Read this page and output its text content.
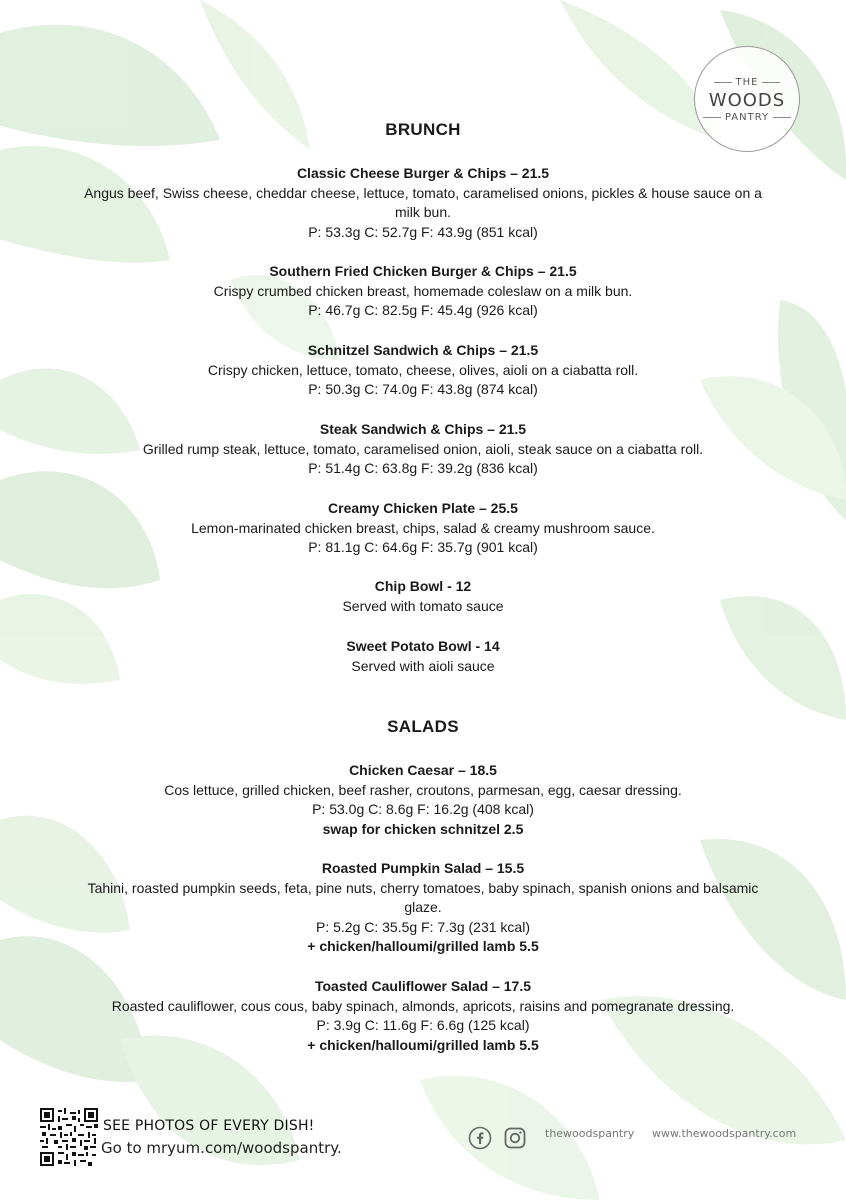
THE
WOODS
PANTRY
BRUNCH
Classic Cheese Burger & Chips – 21.5
Angus beef, Swiss cheese, cheddar cheese, lettuce, tomato, caramelised onions, pickles & house sauce on a milk bun.
P: 53.3g C: 52.7g F: 43.9g (851 kcal)
Southern Fried Chicken Burger & Chips – 21.5
Crispy crumbed chicken breast, homemade coleslaw on a milk bun.
P: 46.7g C: 82.5g F: 45.4g (926 kcal)
Schnitzel Sandwich & Chips – 21.5
Crispy chicken, lettuce, tomato, cheese, olives, aioli on a ciabatta roll.
P: 50.3g C: 74.0g F: 43.8g (874 kcal)
Steak Sandwich & Chips – 21.5
Grilled rump steak, lettuce, tomato, caramelised onion, aioli, steak sauce on a ciabatta roll.
P: 51.4g C: 63.8g F: 39.2g (836 kcal)
Creamy Chicken Plate – 25.5
Lemon-marinated chicken breast, chips, salad & creamy mushroom sauce.
P: 81.1g C: 64.6g F: 35.7g (901 kcal)
Chip Bowl - 12
Served with tomato sauce
Sweet Potato Bowl - 14
Served with aioli sauce
SALADS
Chicken Caesar – 18.5
Cos lettuce, grilled chicken, beef rasher, croutons, parmesan, egg, caesar dressing.
P: 53.0g C: 8.6g F: 16.2g (408 kcal)
swap for chicken schnitzel 2.5
Roasted Pumpkin Salad – 15.5
Tahini, roasted pumpkin seeds, feta, pine nuts, cherry tomatoes, baby spinach, spanish onions and balsamic glaze.
P: 5.2g C: 35.5g F: 7.3g (231 kcal)
+ chicken/halloumi/grilled lamb 5.5
Toasted Cauliflower Salad – 17.5
Roasted cauliflower, cous cous, baby spinach, almonds, apricots, raisins and pomegranate dressing.
P: 3.9g C: 11.6g F: 6.6g (125 kcal)
+ chicken/halloumi/grilled lamb 5.5
SEE PHOTOS OF EVERY DISH!
Go to mryum.com/woodspantry.
thewoodspantry www.thewoodspantry.com
